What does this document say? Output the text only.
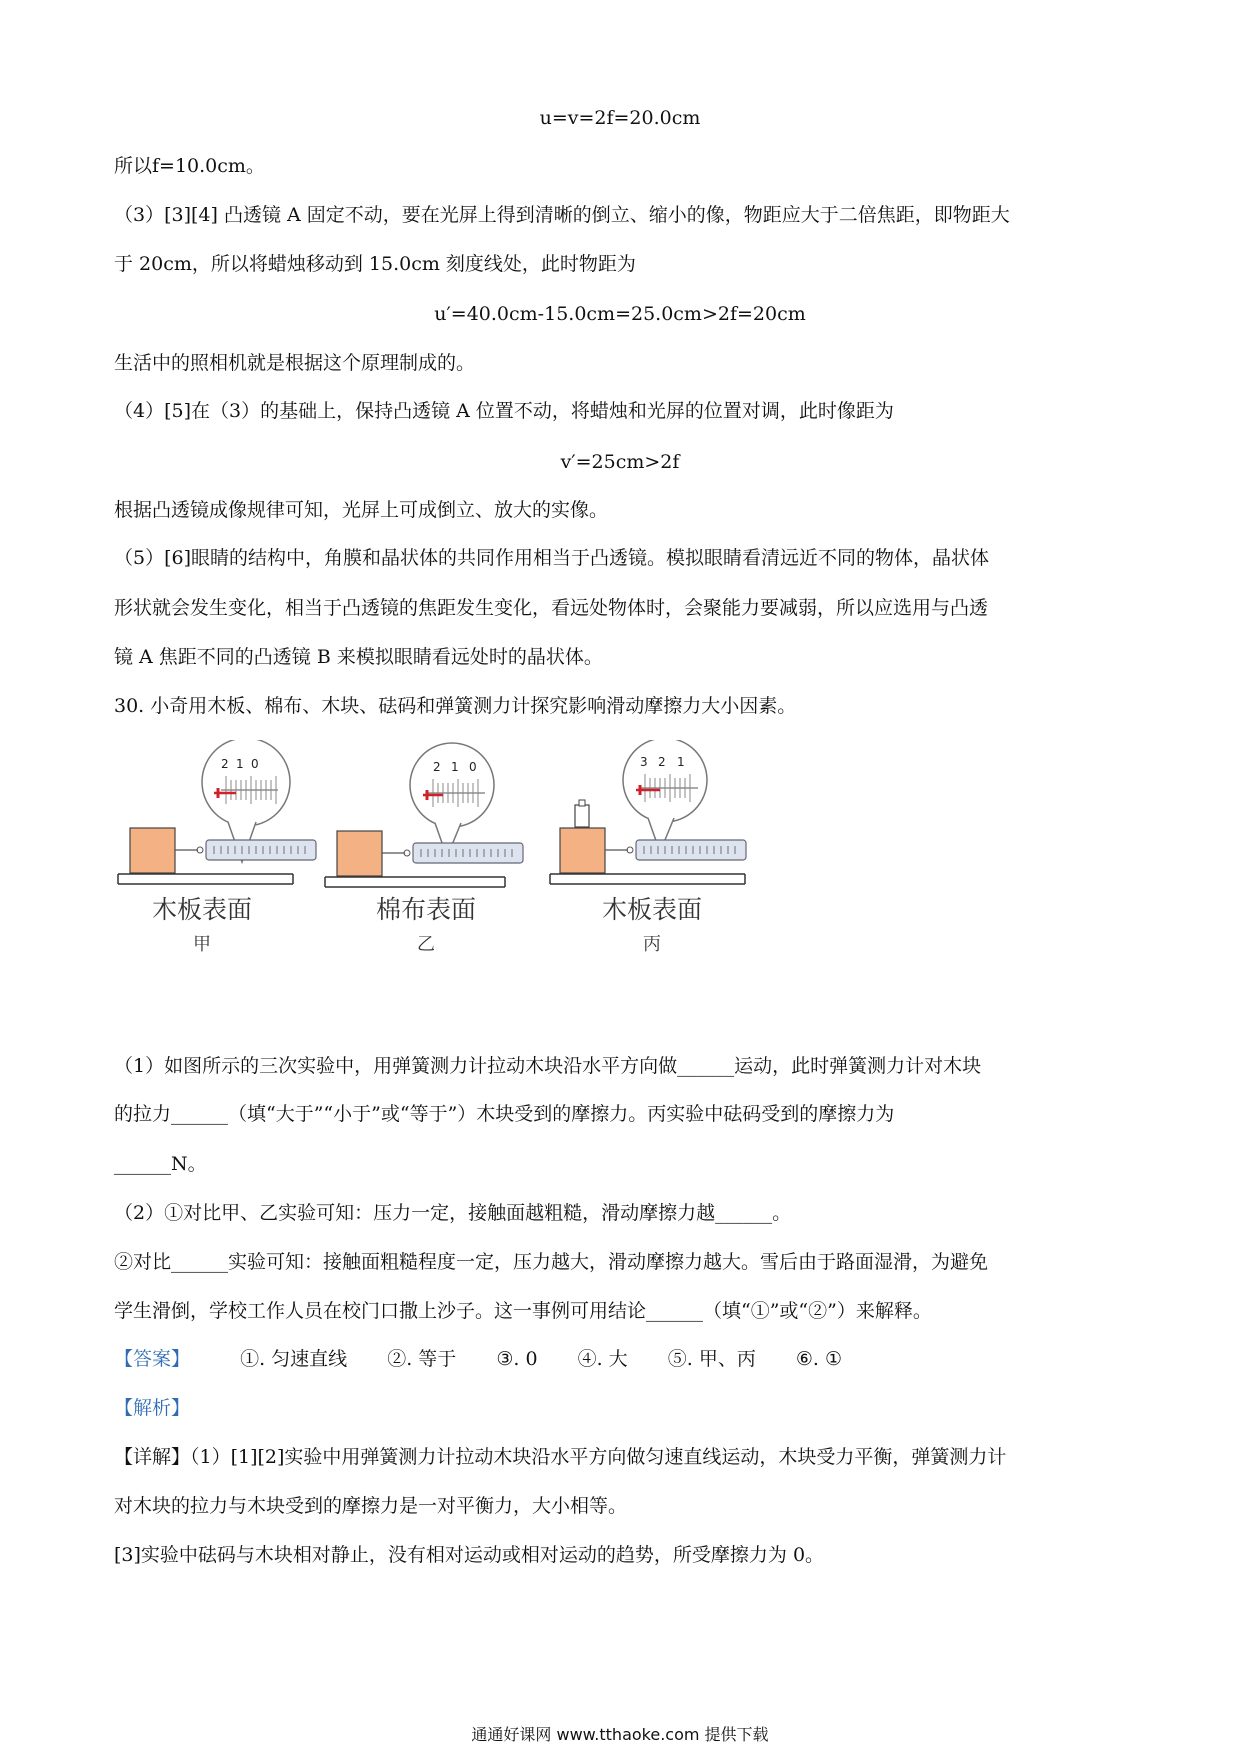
u=v=2f=20.0cm
所以f=10.0cm。
（3）[3][4] 凸透镜 A 固定不动，要在光屏上得到清晰的倒立、缩小的像，物距应大于二倍焦距，即物距大
于 20cm，所以将蜡烛移动到 15.0cm 刻度线处，此时物距为
u′=40.0cm-15.0cm=25.0cm>2f=20cm
生活中的照相机就是根据这个原理制成的。
（4）[5]在（3）的基础上，保持凸透镜 A 位置不动，将蜡烛和光屏的位置对调，此时像距为
v′=25cm>2f
根据凸透镜成像规律可知，光屏上可成倒立、放大的实像。
（5）[6]眼睛的结构中，角膜和晶状体的共同作用相当于凸透镜。模拟眼睛看清远近不同的物体，晶状体
形状就会发生变化，相当于凸透镜的焦距发生变化，看远处物体时，会聚能力要减弱，所以应选用与凸透
镜 A 焦距不同的凸透镜 B 来模拟眼睛看远处时的晶状体。
30. 小奇用木板、棉布、木块、砝码和弹簧测力计探究影响滑动摩擦力大小因素。
2 1 0	2 1 0	3 2 1
木板表面
甲
棉布表面
乙
木板表面
丙
（1）如图所示的三次实验中，用弹簧测力计拉动木块沿水平方向做______运动，此时弹簧测力计对木块
的拉力______（填“大于”“小于”或“等于”）木块受到的摩擦力。丙实验中砝码受到的摩擦力为
______N。
（2）①对比甲、乙实验可知：压力一定，接触面越粗糙，滑动摩擦力越______。
②对比______实验可知：接触面粗糙程度一定，压力越大，滑动摩擦力越大。雪后由于路面湿滑，为避免
学生滑倒，学校工作人员在校门口撒上沙子。这一事例可用结论______（填“①”或“②”）来解释。
【答案】	①. 匀速直线 ②. 等于 ③. 0 ④. 大 ⑤. 甲、丙 ⑥. ①
【解析】
【详解】（1）[1][2]实验中用弹簧测力计拉动木块沿水平方向做匀速直线运动，木块受力平衡，弹簧测力计
对木块的拉力与木块受到的摩擦力是一对平衡力，大小相等。
[3]实验中砝码与木块相对静止，没有相对运动或相对运动的趋势，所受摩擦力为 0。
通通好课网 www.tthaoke.com 提供下载
